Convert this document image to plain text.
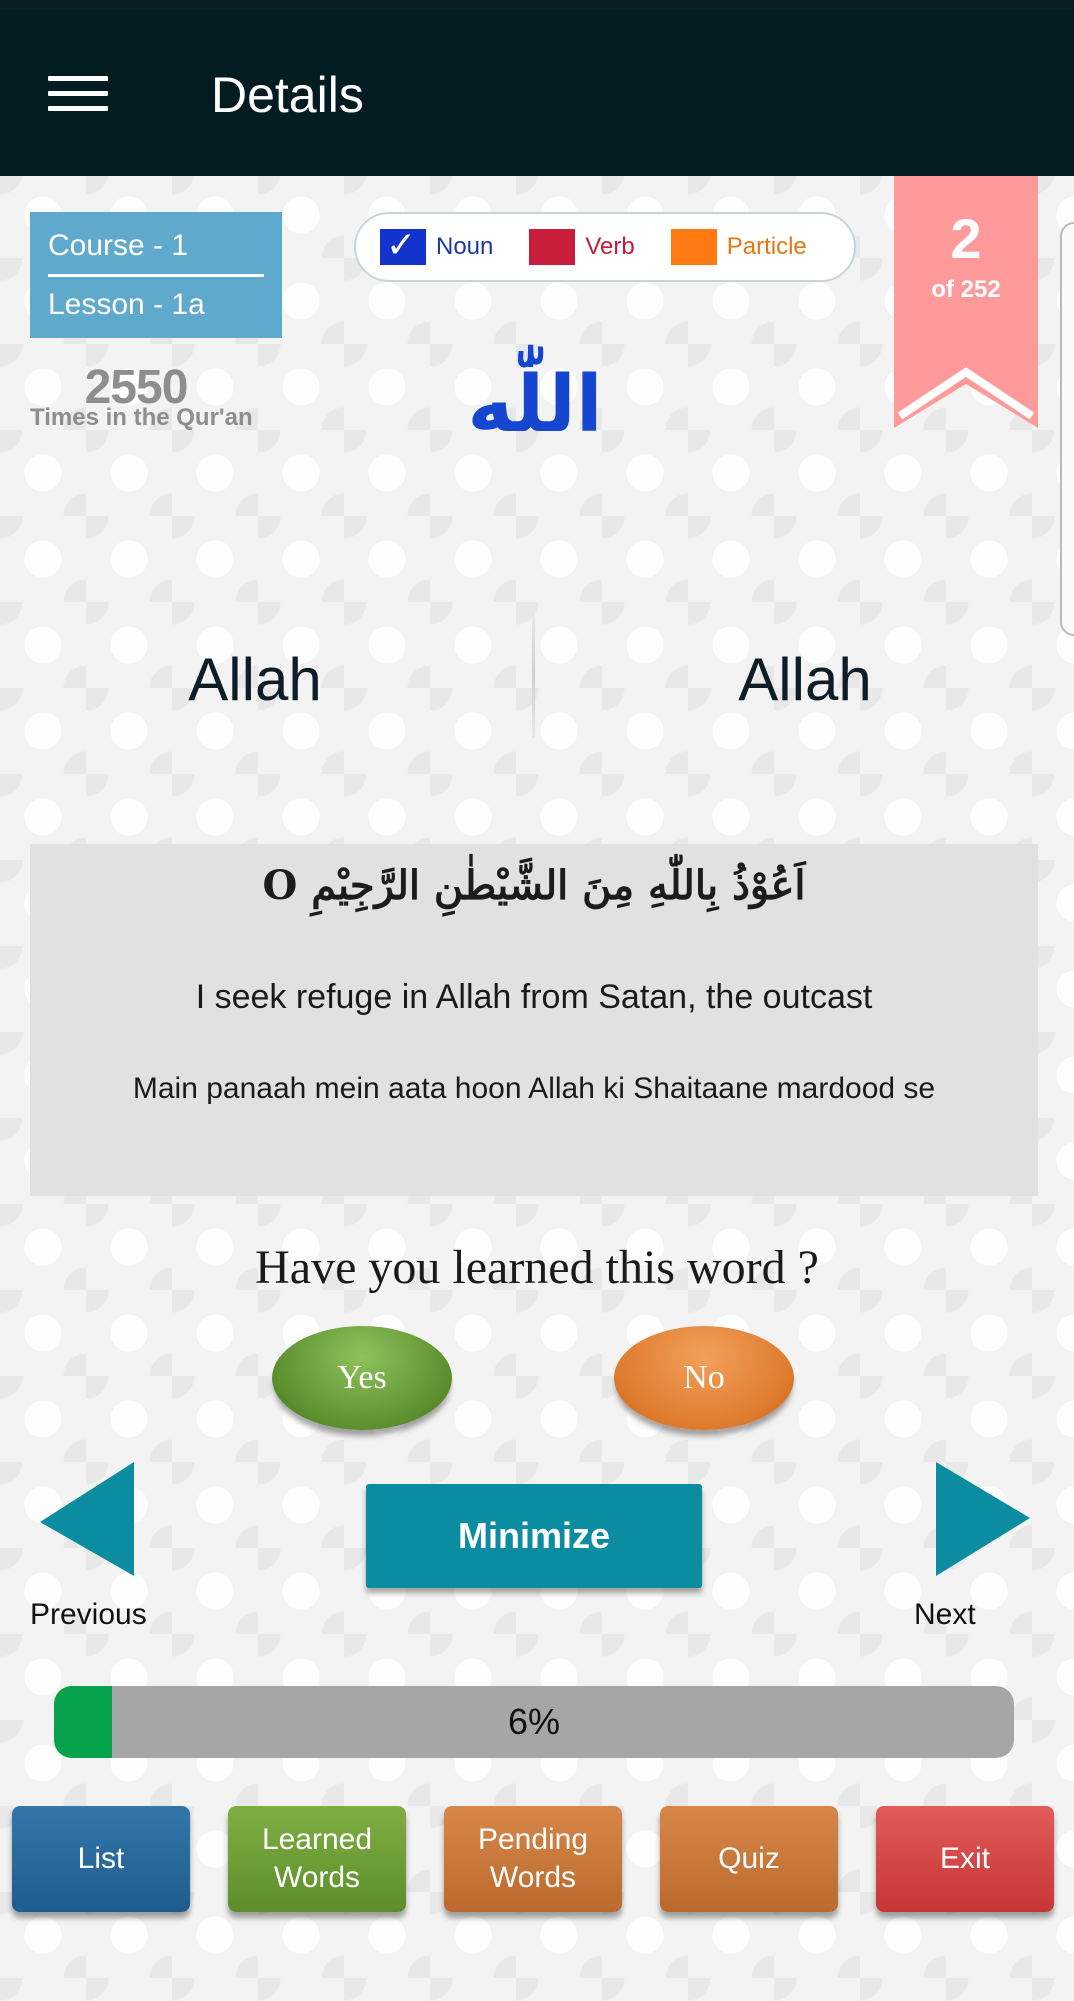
Details
Course - 1
Lesson - 1a
✓ Noun	Verb	Particle	2
of 252
2550
Times in the Qur'an	اللّٰه
Allah	Allah
اَعُوْذُ بِاللّٰهِ مِنَ الشَّيْطٰنِ الرَّجِيْمِ O
I seek refuge in Allah from Satan, the outcast
Main panaah mein aata hoon Allah ki Shaitaane mardood se
Have you learned this word ?
Yes	No
Previous
Minimize
Next
6%
List
Learned
Words
Pending
Words
Quiz	Exit
